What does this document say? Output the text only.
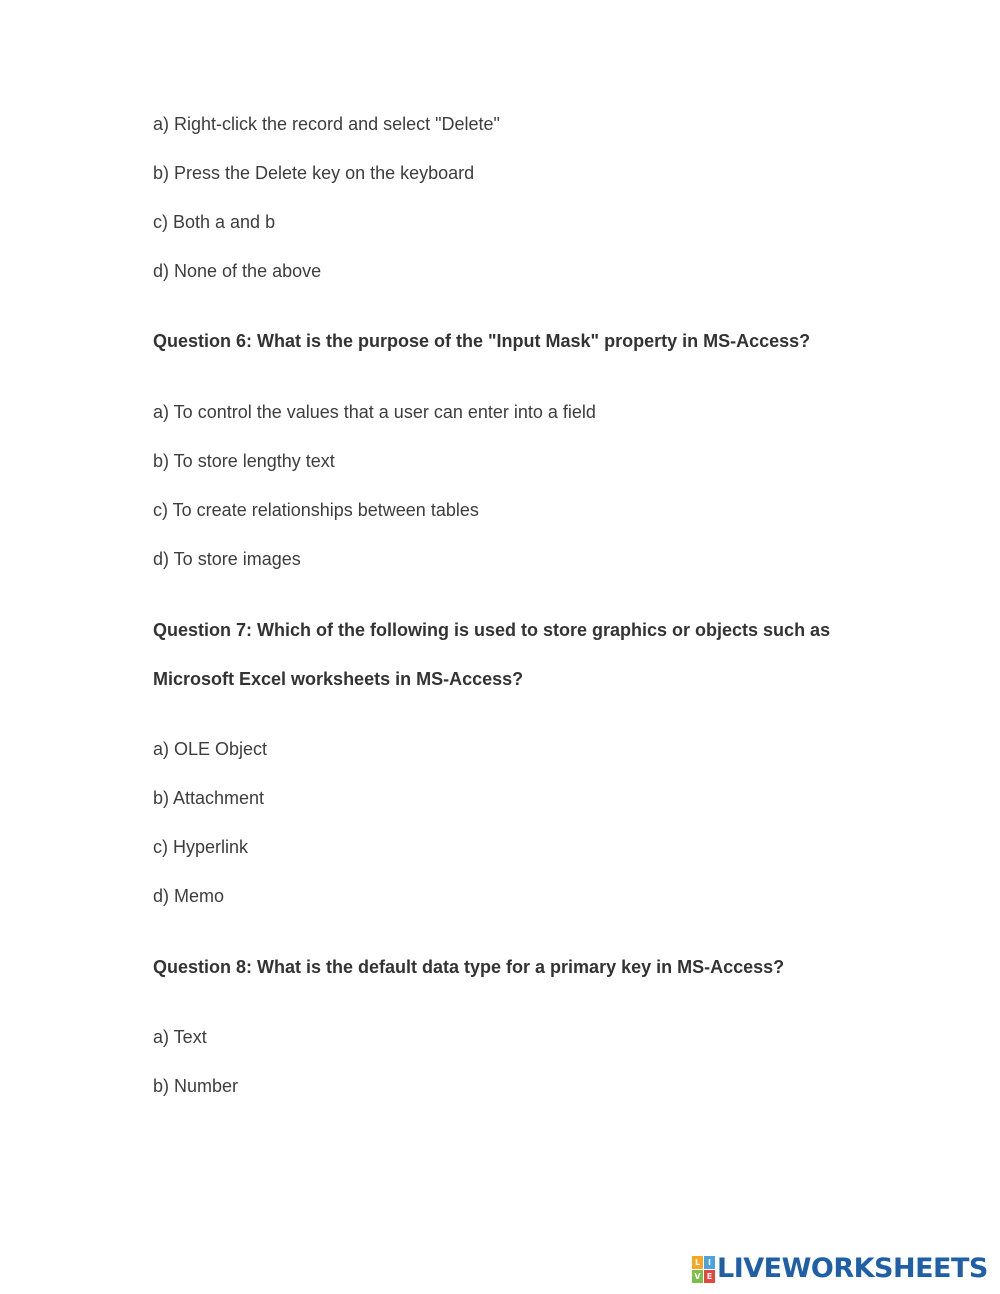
a) Right-click the record and select "Delete"
b) Press the Delete key on the keyboard
c) Both a and b
d) None of the above
Question 6: What is the purpose of the "Input Mask" property in MS-Access?
a) To control the values that a user can enter into a field
b) To store lengthy text
c) To create relationships between tables
d) To store images
Question 7: Which of the following is used to store graphics or objects such as
Microsoft Excel worksheets in MS-Access?
a) OLE Object
b) Attachment
c) Hyperlink
d) Memo
Question 8: What is the default data type for a primary key in MS-Access?
a) Text
b) Number
L I
V E LIVEWORKSHEETS
